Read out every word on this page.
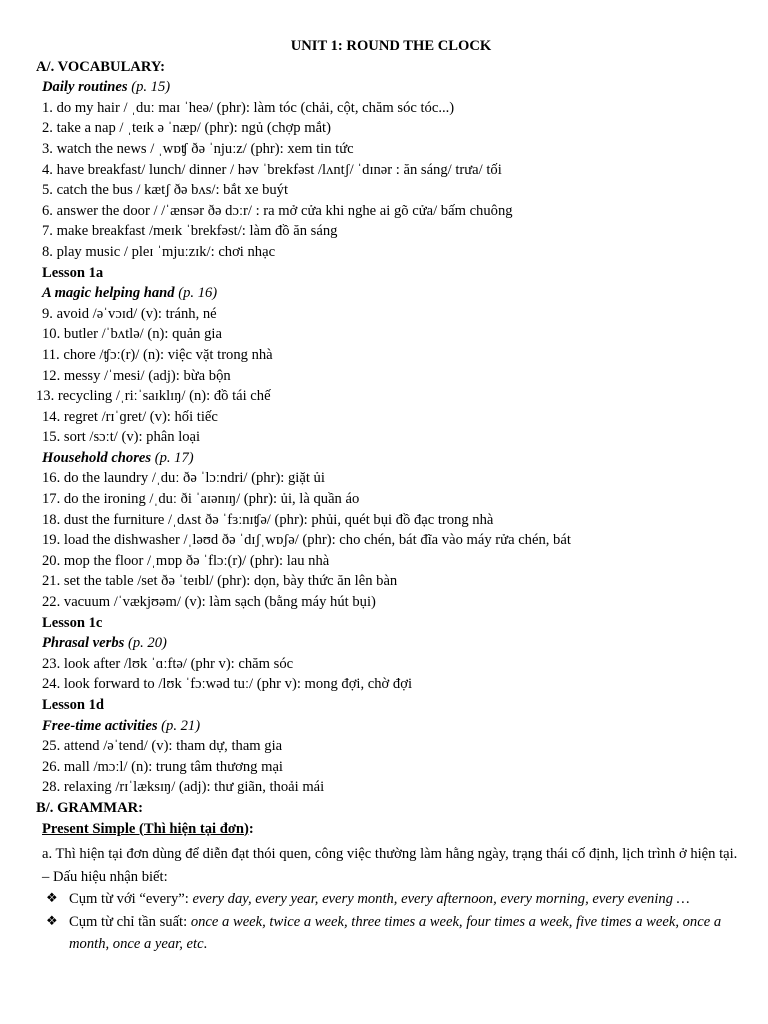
UNIT 1: ROUND THE CLOCK
A/. VOCABULARY:
Daily routines (p. 15)
1. do my hair / ˌduː maɪ ˈheə/ (phr): làm tóc (chải, cột, chăm sóc tóc...)
2. take a nap / ˌteɪk ə ˈnæp/ (phr): ngủ (chợp mắt)
3. watch the news / ˌwɒʧ ðə ˈnjuːz/ (phr): xem tin tức
4. have breakfast/ lunch/ dinner / həv ˈbrekfəst /lʌntʃ/ ˈdɪnər : ăn sáng/ trưa/ tối
5. catch the bus / kætʃ ðə bʌs/: bắt xe buýt
6. answer the door / /ˈænsər ðə dɔːr/ : ra mở cửa khi nghe ai gõ cửa/ bấm chuông
7. make breakfast /meɪk ˈbrekfəst/: làm đồ ăn sáng
8. play music / pleɪ ˈmjuːzɪk/: chơi nhạc
Lesson 1a
A magic helping hand (p. 16)
9. avoid /əˈvɔɪd/ (v): tránh, né
10. butler /ˈbʌtlə/ (n): quản gia
11. chore /ʧɔː(r)/ (n): việc vặt trong nhà
12. messy /ˈmesi/ (adj): bừa bộn
13. recycling /ˌriːˈsaɪklɪŋ/ (n): đồ tái chế
14. regret /rɪˈɡret/ (v): hối tiếc
15. sort /sɔːt/ (v): phân loại
Household chores (p. 17)
16. do the laundry /ˌduː ðə ˈlɔːndri/ (phr): giặt ủi
17. do the ironing /ˌduː ði ˈaɪənɪŋ/ (phr): ủi, là quần áo
18. dust the furniture /ˌdʌst ðə ˈfɜːnɪʧə/ (phr): phủi, quét bụi đồ đạc trong nhà
19. load the dishwasher /ˌləʊd ðə ˈdɪʃˌwɒʃə/ (phr): cho chén, bát đĩa vào máy rửa chén, bát
20. mop the floor /ˌmɒp ðə ˈflɔː(r)/ (phr): lau nhà
21. set the table /set ðə ˈteɪbl/ (phr): dọn, bày thức ăn lên bàn
22. vacuum /ˈvækjʊəm/ (v): làm sạch (bằng máy hút bụi)
Lesson 1c
Phrasal verbs (p. 20)
23. look after /lʊk ˈɑːftə/ (phr v): chăm sóc
24. look forward to /lʊk ˈfɔːwəd tuː/ (phr v): mong đợi, chờ đợi
Lesson 1d
Free-time activities (p. 21)
25. attend /əˈtend/ (v): tham dự, tham gia
26. mall /mɔːl/ (n): trung tâm thương mại
28. relaxing /rɪˈlæksɪŋ/ (adj): thư giãn, thoải mái
B/. GRAMMAR:
Present Simple (Thì hiện tại đơn):
a. Thì hiện tại đơn dùng để diễn đạt thói quen, công việc thường làm hằng ngày, trạng thái cố định, lịch trình ở hiện tại.
– Dấu hiệu nhận biết:
❖ Cụm từ với “every”: every day, every year, every month, every afternoon, every morning, every evening …
❖ Cụm từ chỉ tần suất: once a week, twice a week, three times a week, four times a week, five times a week, once a month, once a year, etc.
